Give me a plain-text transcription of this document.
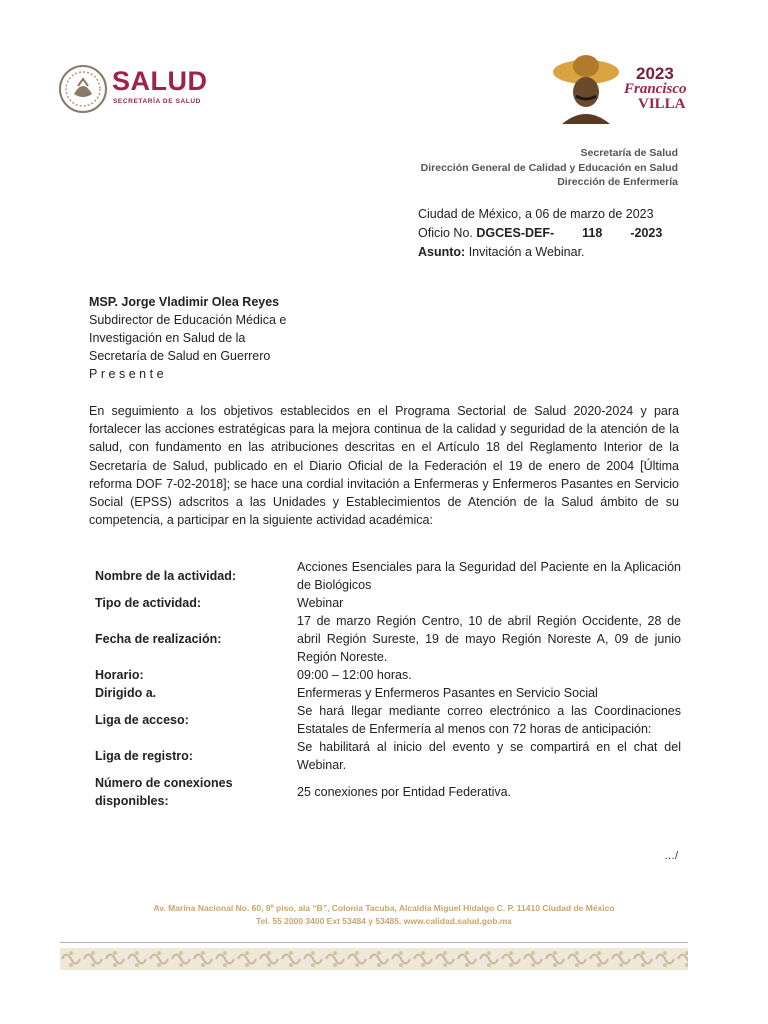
SALUD
SECRETARÍA DE SALUD
2023
Francisco
VILLA
Secretaría de Salud
Dirección General de Calidad y Educación en Salud
Dirección de Enfermería
Ciudad de México, a 06 de marzo de 2023
Oficio No. DGCES-DEF- 118 -2023
Asunto: Invitación a Webinar.
MSP. Jorge Vladimir Olea Reyes
Subdirector de Educación Médica e
Investigación en Salud de la
Secretaría de Salud en Guerrero
Presente
En seguimiento a los objetivos establecidos en el Programa Sectorial de Salud 2020-2024 y para fortalecer las acciones estratégicas para la mejora continua de la calidad y seguridad de la atención de la salud, con fundamento en las atribuciones descritas en el Artículo 18 del Reglamento Interior de la Secretaría de Salud, publicado en el Diario Oficial de la Federación el 19 de enero de 2004 [Última reforma DOF 7-02-2018]; se hace una cordial invitación a Enfermeras y Enfermeros Pasantes en Servicio Social (EPSS) adscritos a las Unidades y Establecimientos de Atención de la Salud ámbito de su competencia, a participar en la siguiente actividad académica:
Nombre de la actividad:	Acciones Esenciales para la Seguridad del Paciente en la Aplicación de Biológicos
Tipo de actividad:	Webinar
Fecha de realización:	17 de marzo Región Centro, 10 de abril Región Occidente, 28 de abril Región Sureste, 19 de mayo Región Noreste A, 09 de junio Región Noreste.
Horario:	09:00 – 12:00 horas.
Dirigido a.	Enfermeras y Enfermeros Pasantes en Servicio Social
Liga de acceso:	Se hará llegar mediante correo electrónico a las Coordinaciones Estatales de Enfermería al menos con 72 horas de anticipación:
Liga de registro:	Se habilitará al inicio del evento y se compartirá en el chat del Webinar.
Número de conexiones disponibles:	25 conexiones por Entidad Federativa.
…/
Av. Marina Nacional No. 60, 8º piso, ala “B”, Colonia Tacuba, Alcaldía Miguel Hidalgo C. P. 11410 Ciudad de México
Tel. 55 2000 3400 Ext 53484 y 53485. www.calidad.salud.gob.mx
